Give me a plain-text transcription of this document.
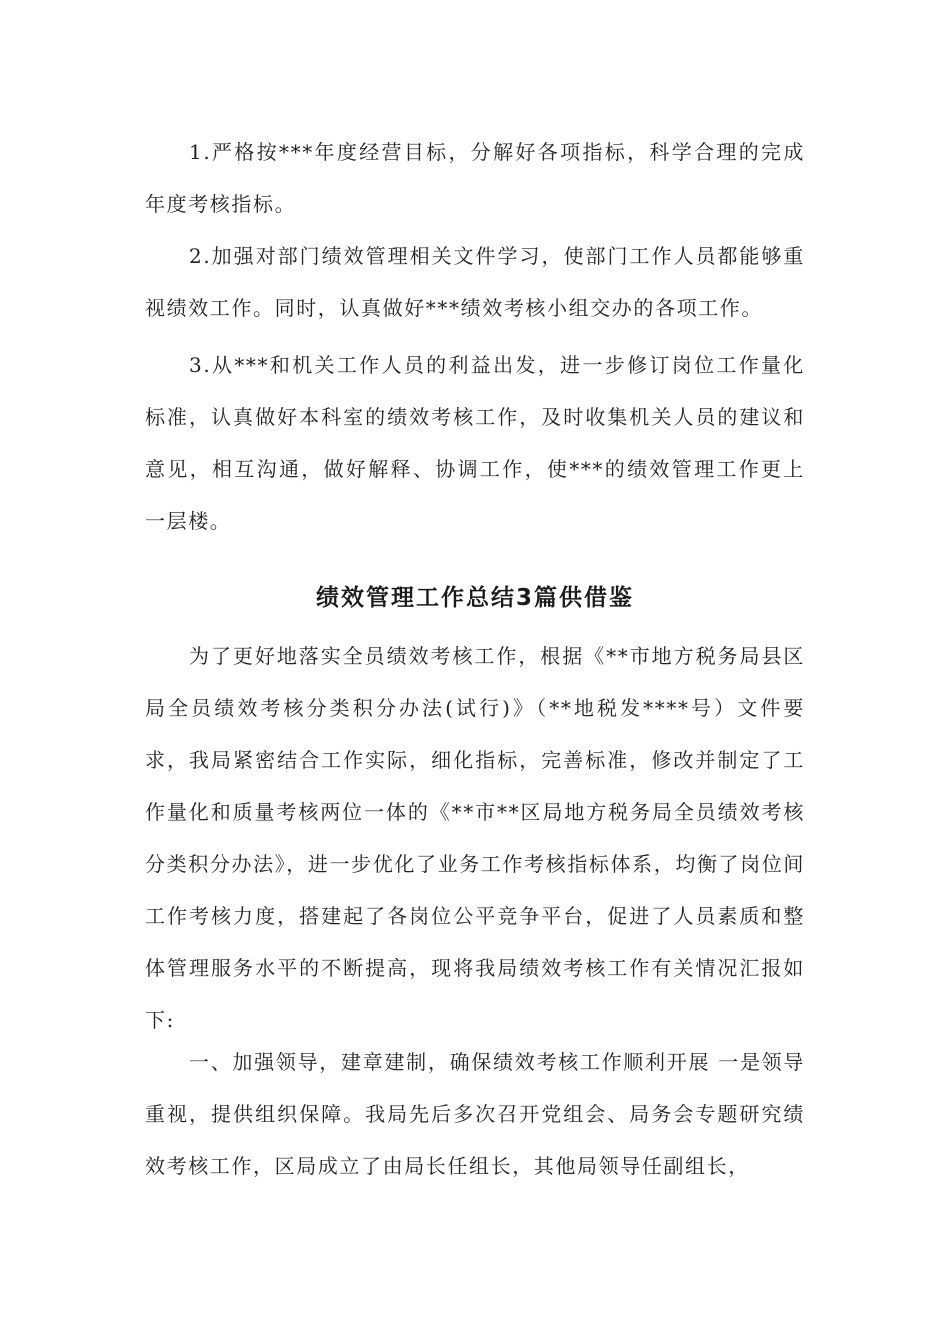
1.严格按***年度经营目标，分解好各项指标，科学合理的完成年度考核指标。

2.加强对部门绩效管理相关文件学习，使部门工作人员都能够重视绩效工作。同时，认真做好***绩效考核小组交办的各项工作。

3.从***和机关工作人员的利益出发，进一步修订岗位工作量化标准，认真做好本科室的绩效考核工作，及时收集机关人员的建议和意见，相互沟通，做好解释、协调工作，使***的绩效管理工作更上一层楼。

绩效管理工作总结3篇供借鉴

为了更好地落实全员绩效考核工作，根据《**市地方税务局县区局全员绩效考核分类积分办法(试行)》（**地税发****号）文件要求，我局紧密结合工作实际，细化指标，完善标准，修改并制定了工作量化和质量考核两位一体的《**市**区局地方税务局全员绩效考核分类积分办法》，进一步优化了业务工作考核指标体系，均衡了岗位间工作考核力度，搭建起了各岗位公平竞争平台，促进了人员素质和整体管理服务水平的不断提高，现将我局绩效考核工作有关情况汇报如下:

一、加强领导，建章建制，确保绩效考核工作顺利开展 一是领导重视，提供组织保障。我局先后多次召开党组会、局务会专题研究绩效考核工作，区局成立了由局长任组长，其他局领导任副组长，
